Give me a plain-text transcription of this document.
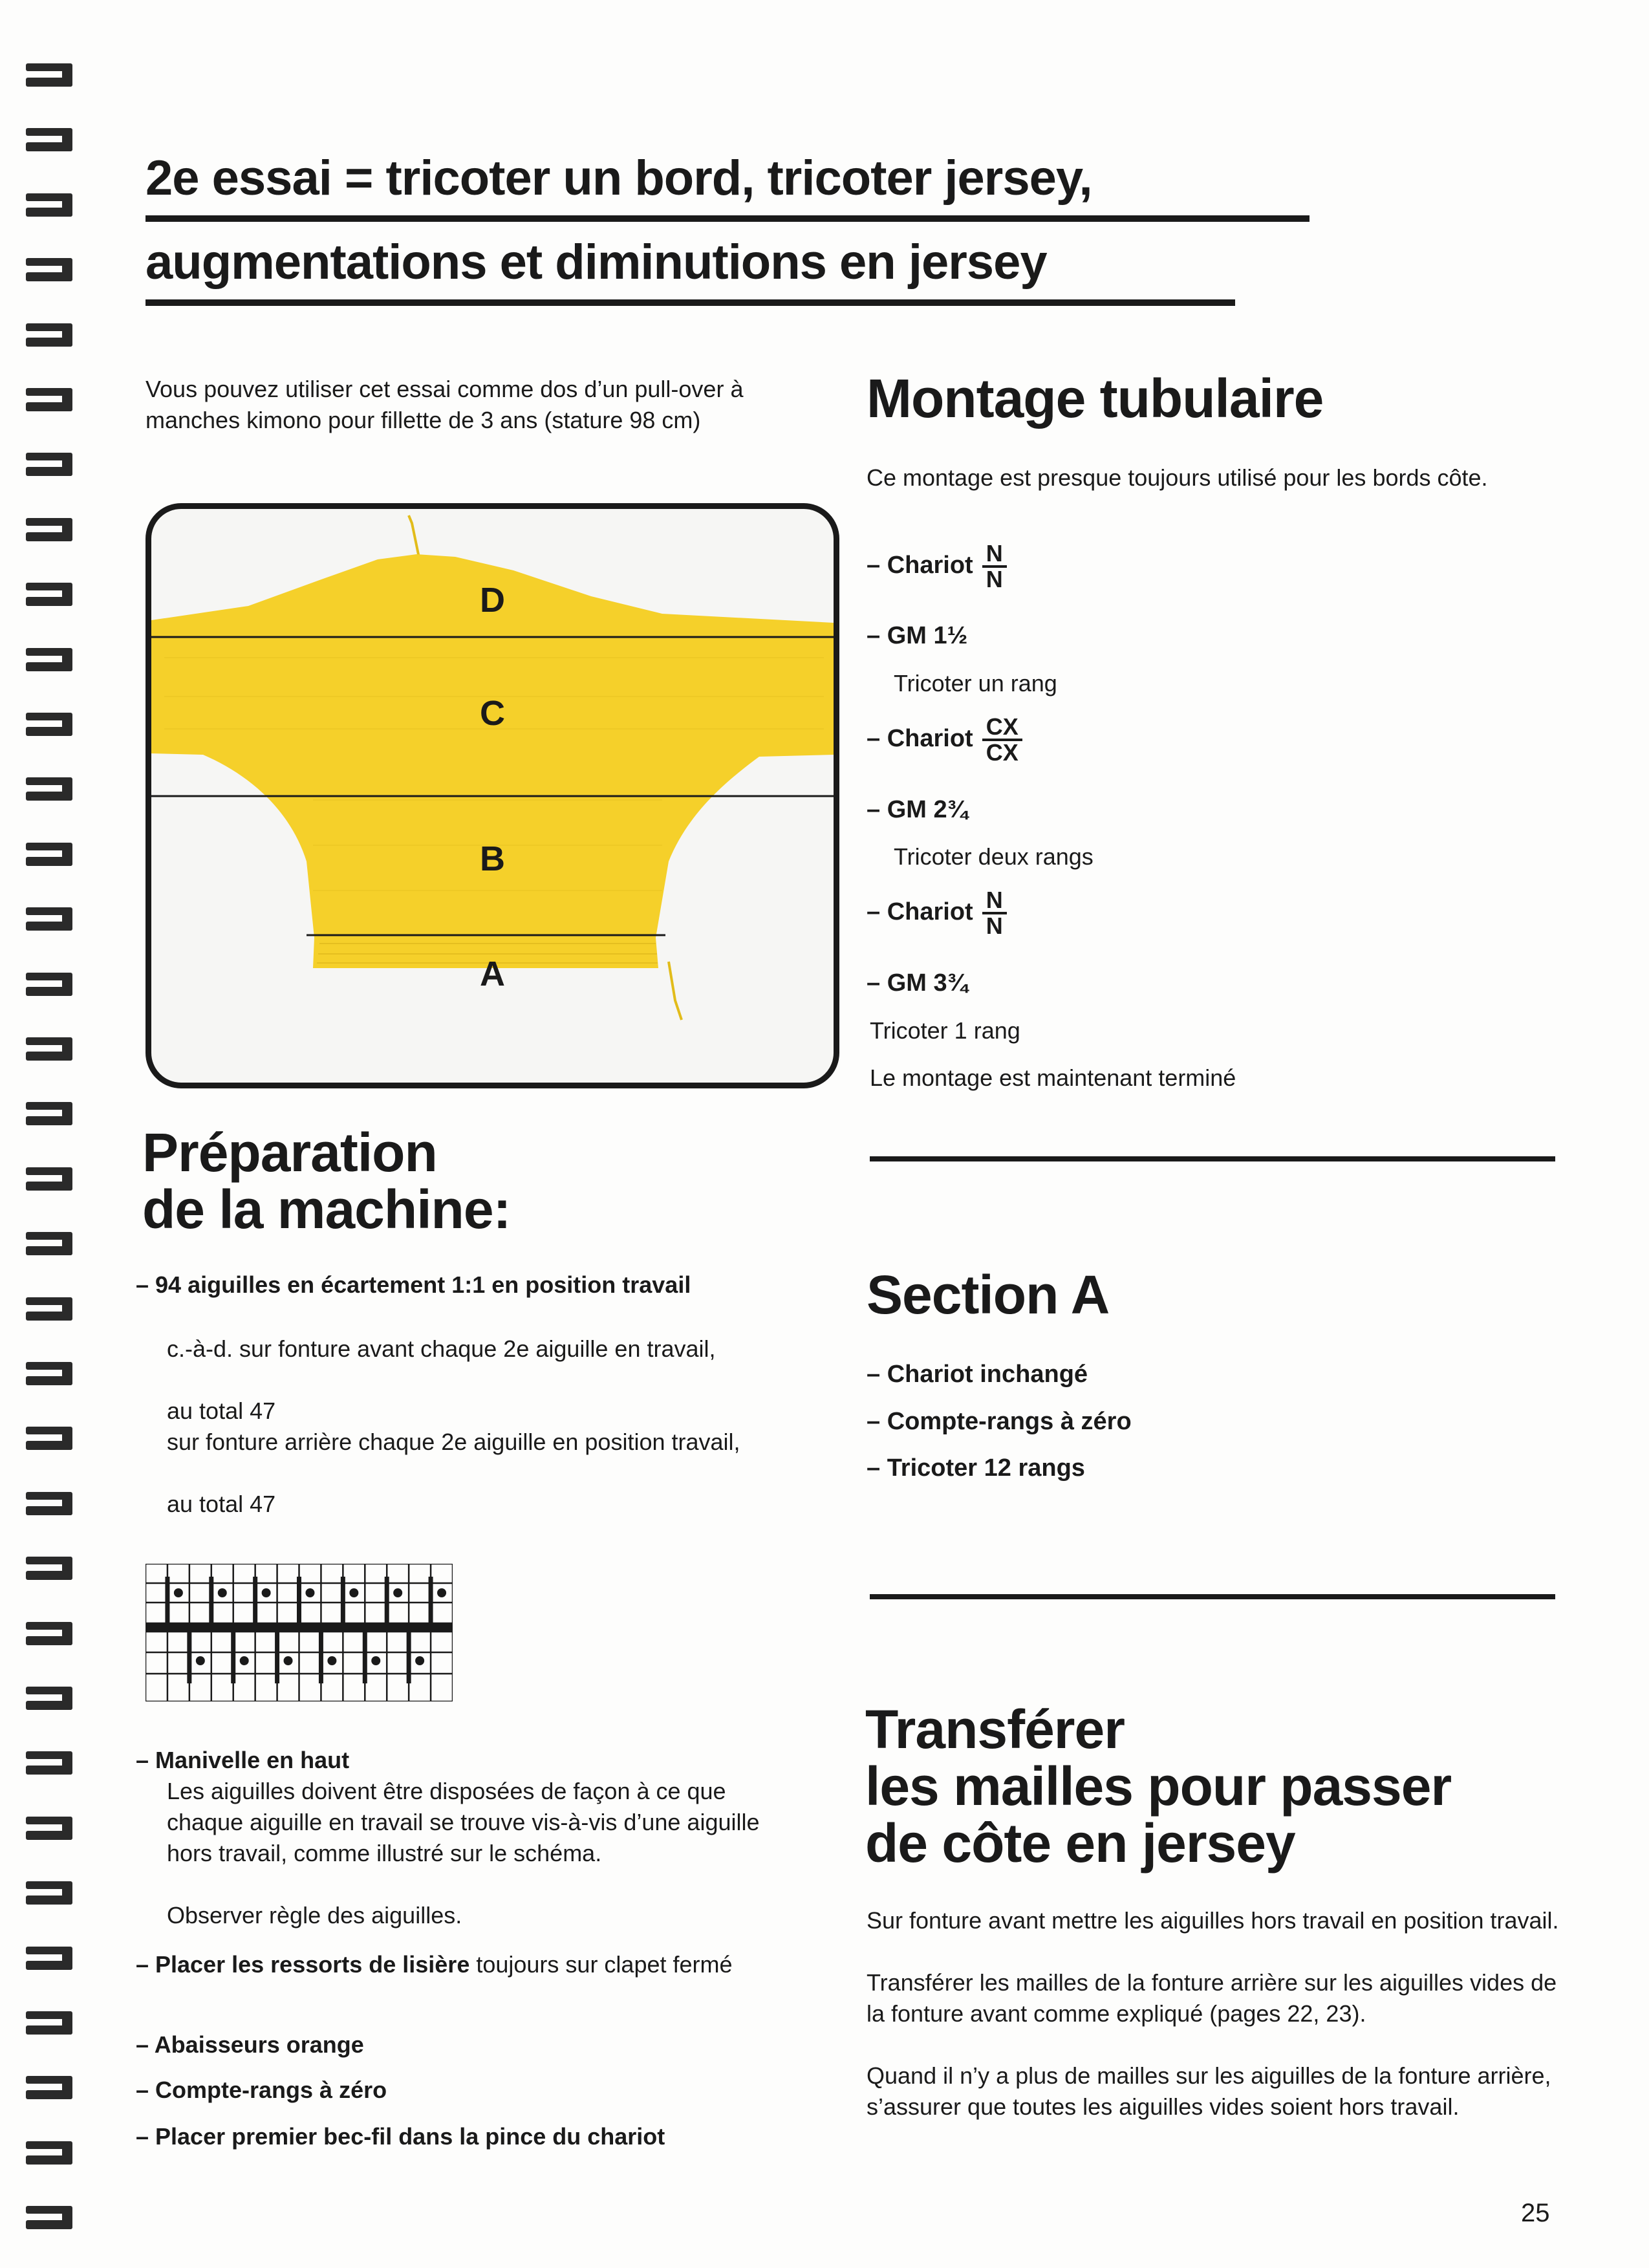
2e essai = tricoter un bord, tricoter jersey,
augmentations et diminutions en jersey
Vous pouvez utiliser cet essai comme dos d’un pull-over à manches kimono pour fillette de 3 ans (stature 98 cm)
D
C
B
A
Préparation
de la machine:
– 94 aiguilles en écartement 1:1 en position travail
c.-à-d. sur fonture avant chaque 2e aiguille en travail,
au total 47
sur fonture arrière chaque 2e aiguille en position travail,
au total 47
– Manivelle en haut
Les aiguilles doivent être disposées de façon à ce que chaque aiguille en travail se trouve vis-à-vis d’une aiguille hors travail, comme illustré sur le schéma.
Observer règle des aiguilles.
– Placer les ressorts de lisière toujours sur clapet fermé
– Abaisseurs orange
– Compte-rangs à zéro
– Placer premier bec-fil dans la pince du chariot
Montage tubulaire
Ce montage est presque toujours utilisé pour les bords côte.
– Chariot $\frac{N}{N}$
– GM 1½
Tricoter un rang
– Chariot $\frac{CX}{CX}$
– GM 2¾
Tricoter deux rangs
– Chariot $\frac{N}{N}$
– GM 3¾
Tricoter 1 rang
Le montage est maintenant terminé
Section A
– Chariot inchangé
– Compte-rangs à zéro
– Tricoter 12 rangs
Transférer
les mailles pour passer
de côte en jersey
Sur fonture avant mettre les aiguilles hors travail en position travail.
Transférer les mailles de la fonture arrière sur les aiguilles vides de la fonture avant comme expliqué (pages 22, 23).
Quand il n’y a plus de mailles sur les aiguilles de la fonture arrière, s’assurer que toutes les aiguilles vides soient hors travail.
25
